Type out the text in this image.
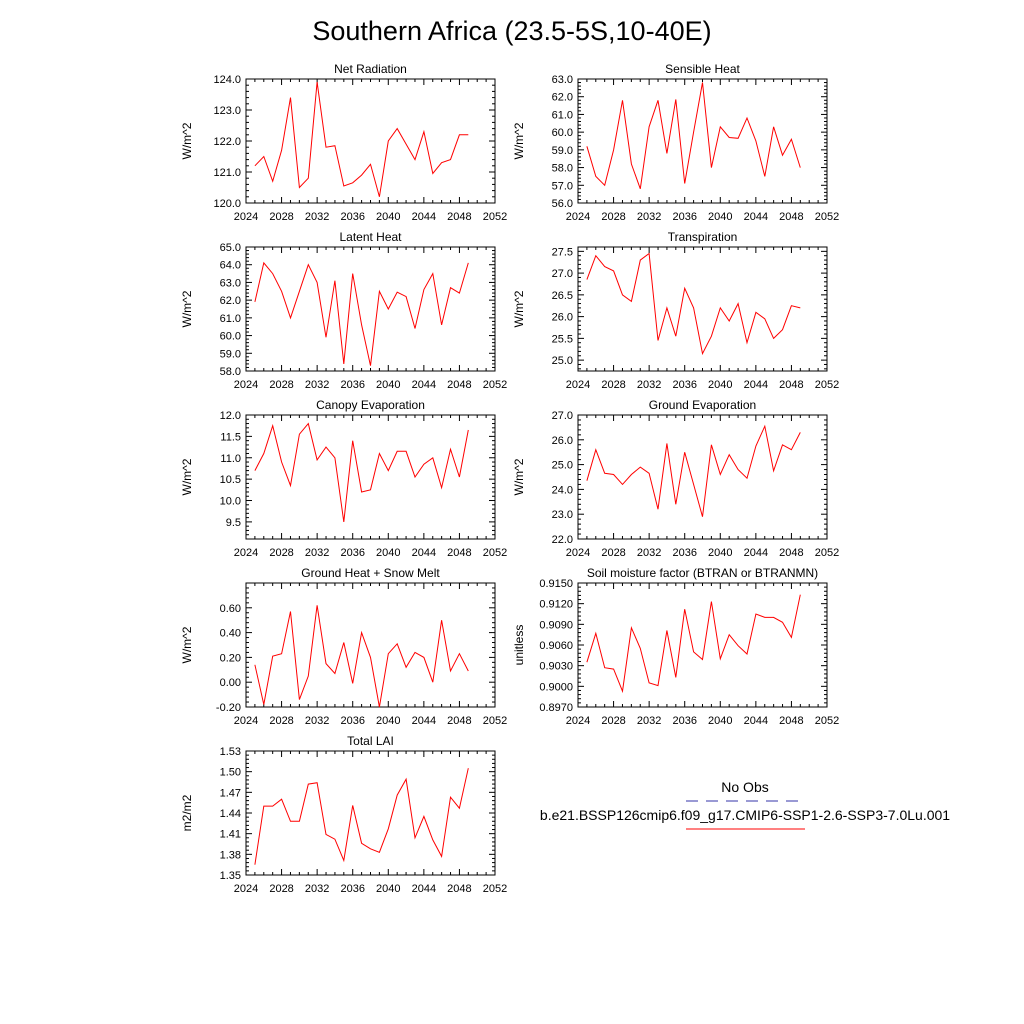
Southern Africa (23.5-5S,10-40E)
Net Radiation
W/m^2
2024 2028 2032 2036 2040 2044 2048 2052
120.0
121.0
122.0
123.0
124.0
Sensible Heat
W/m^2
2024 2028 2032 2036 2040 2044 2048 2052
56.0
57.0
58.0
59.0
60.0
61.0
62.0
63.0
Latent Heat
W/m^2
2024 2028 2032 2036 2040 2044 2048 2052
58.0
59.0
60.0
61.0
62.0
63.0
64.0
65.0
Transpiration
W/m^2
2024 2028 2032 2036 2040 2044 2048 2052
25.0
25.5
26.0
26.5
27.0
27.5
Canopy Evaporation
W/m^2
2024 2028 2032 2036 2040 2044 2048 2052
9.5
10.0
10.5
11.0
11.5
12.0
Ground Evaporation
W/m^2
2024 2028 2032 2036 2040 2044 2048 2052
22.0
23.0
24.0
25.0
26.0
27.0
Ground Heat + Snow Melt
W/m^2
2024 2028 2032 2036 2040 2044 2048 2052
-0.20
0.00
0.20
0.40
0.60
Soil moisture factor (BTRAN or BTRANMN)
unitless
2024 2028 2032 2036 2040 2044 2048 2052
0.8970
0.9000
0.9030
0.9060
0.9090
0.9120
0.9150
Total LAI
m2/m2
2024 2028 2032 2036 2040 2044 2048 2052
1.35
1.38
1.41
1.44
1.47
1.50
1.53
No Obs
b.e21.BSSP126cmip6.f09_g17.CMIP6-SSP1-2.6-SSP3-7.0Lu.001
